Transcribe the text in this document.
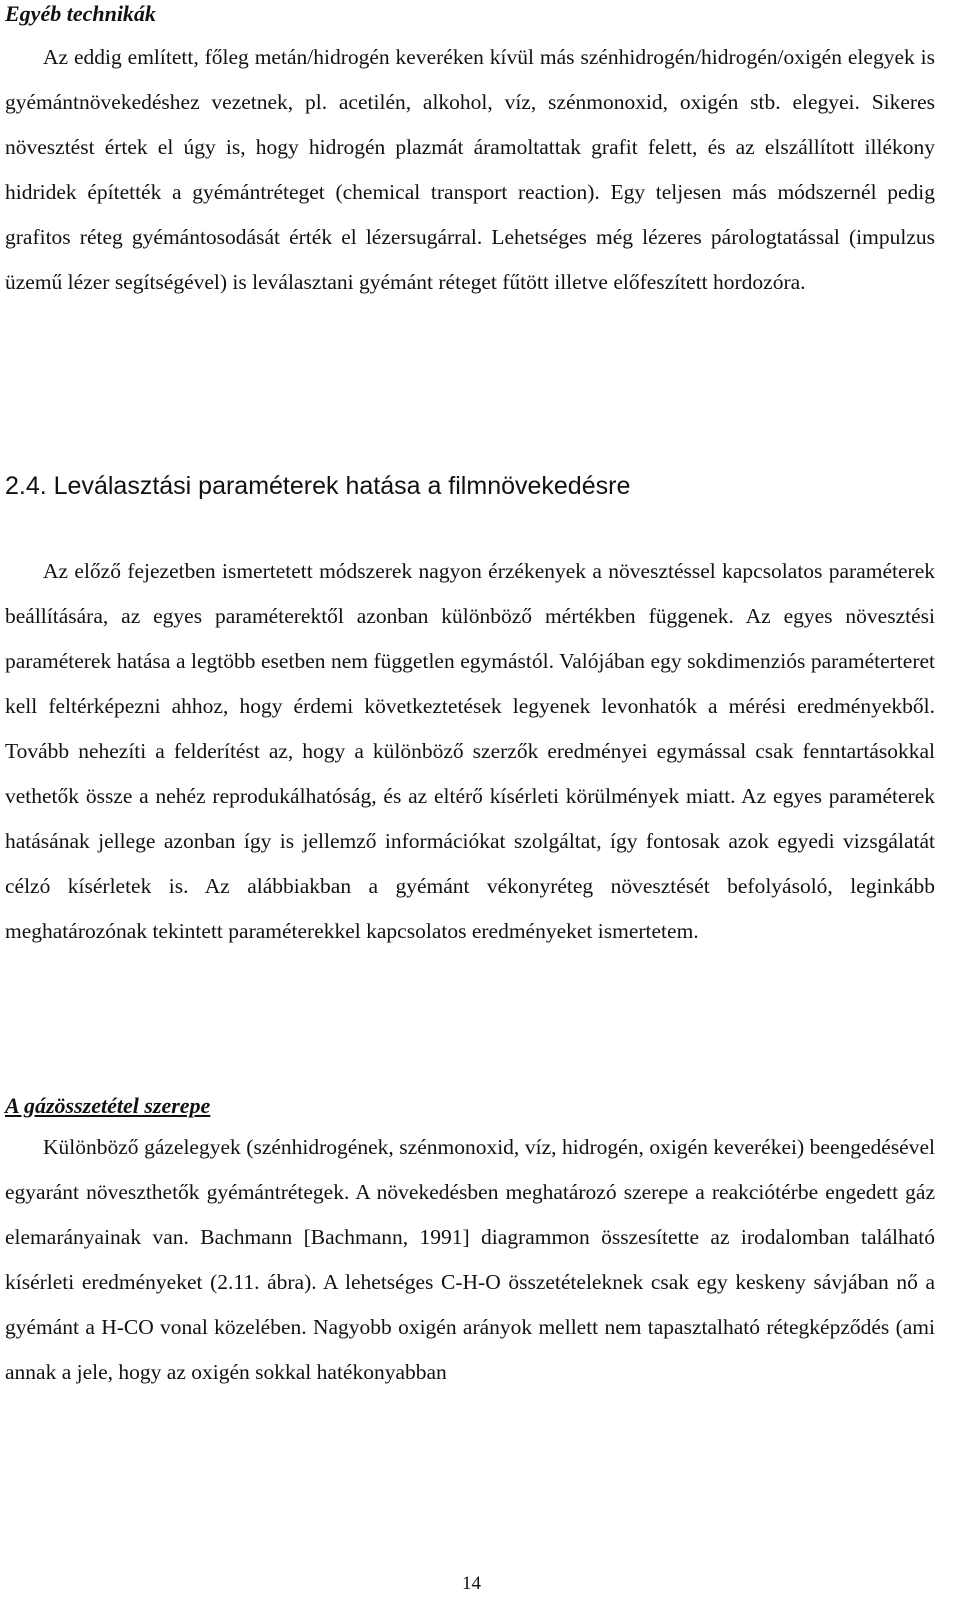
Egyéb technikák

Az eddig említett, főleg metán/hidrogén keveréken kívül más szénhidrogén/hidrogén/oxigén elegyek is gyémántnövekedéshez vezetnek, pl. acetilén, alkohol, víz, szénmonoxid, oxigén stb. elegyei. Sikeres növesztést értek el úgy is, hogy hidrogén plazmát áramoltattak grafit felett, és az elszállított illékony hidridek építették a gyémántréteget (chemical transport reaction). Egy teljesen más módszernél pedig grafitos réteg gyémántosodását érték el lézersugárral. Lehetséges még lézeres párologtatással (impulzus üzemű lézer segítségével) is leválasztani gyémánt réteget fűtött illetve előfeszített hordozóra.

2.4. Leválasztási paraméterek hatása a filmnövekedésre

Az előző fejezetben ismertetett módszerek nagyon érzékenyek a növesztéssel kapcsolatos paraméterek beállítására, az egyes paraméterektől azonban különböző mértékben függenek. Az egyes növesztési paraméterek hatása a legtöbb esetben nem független egymástól. Valójában egy sokdimenziós paraméterteret kell feltérképezni ahhoz, hogy érdemi következtetések legyenek levonhatók a mérési eredményekből. Tovább nehezíti a felderítést az, hogy a különböző szerzők eredményei egymással csak fenntartásokkal vethetők össze a nehéz reprodukálhatóság, és az eltérő kísérleti körülmények miatt. Az egyes paraméterek hatásának jellege azonban így is jellemző információkat szolgáltat, így fontosak azok egyedi vizsgálatát célzó kísérletek is. Az alábbiakban a gyémánt vékonyréteg növesztését befolyásoló, leginkább meghatározónak tekintett paraméterekkel kapcsolatos eredményeket ismertetem.

A gázösszetétel szerepe

Különböző gázelegyek (szénhidrogének, szénmonoxid, víz, hidrogén, oxigén keverékei) beengedésével egyaránt növeszthetők gyémántrétegek. A növekedésben meghatározó szerepe a reakciótérbe engedett gáz elemarányainak van. Bachmann [Bachmann, 1991] diagrammon összesítette az irodalomban található kísérleti eredményeket (2.11. ábra). A lehetséges C-H-O összetételeknek csak egy keskeny sávjában nő a gyémánt a H-CO vonal közelében. Nagyobb oxigén arányok mellett nem tapasztalható rétegképződés (ami annak a jele, hogy az oxigén sokkal hatékonyabban

14
